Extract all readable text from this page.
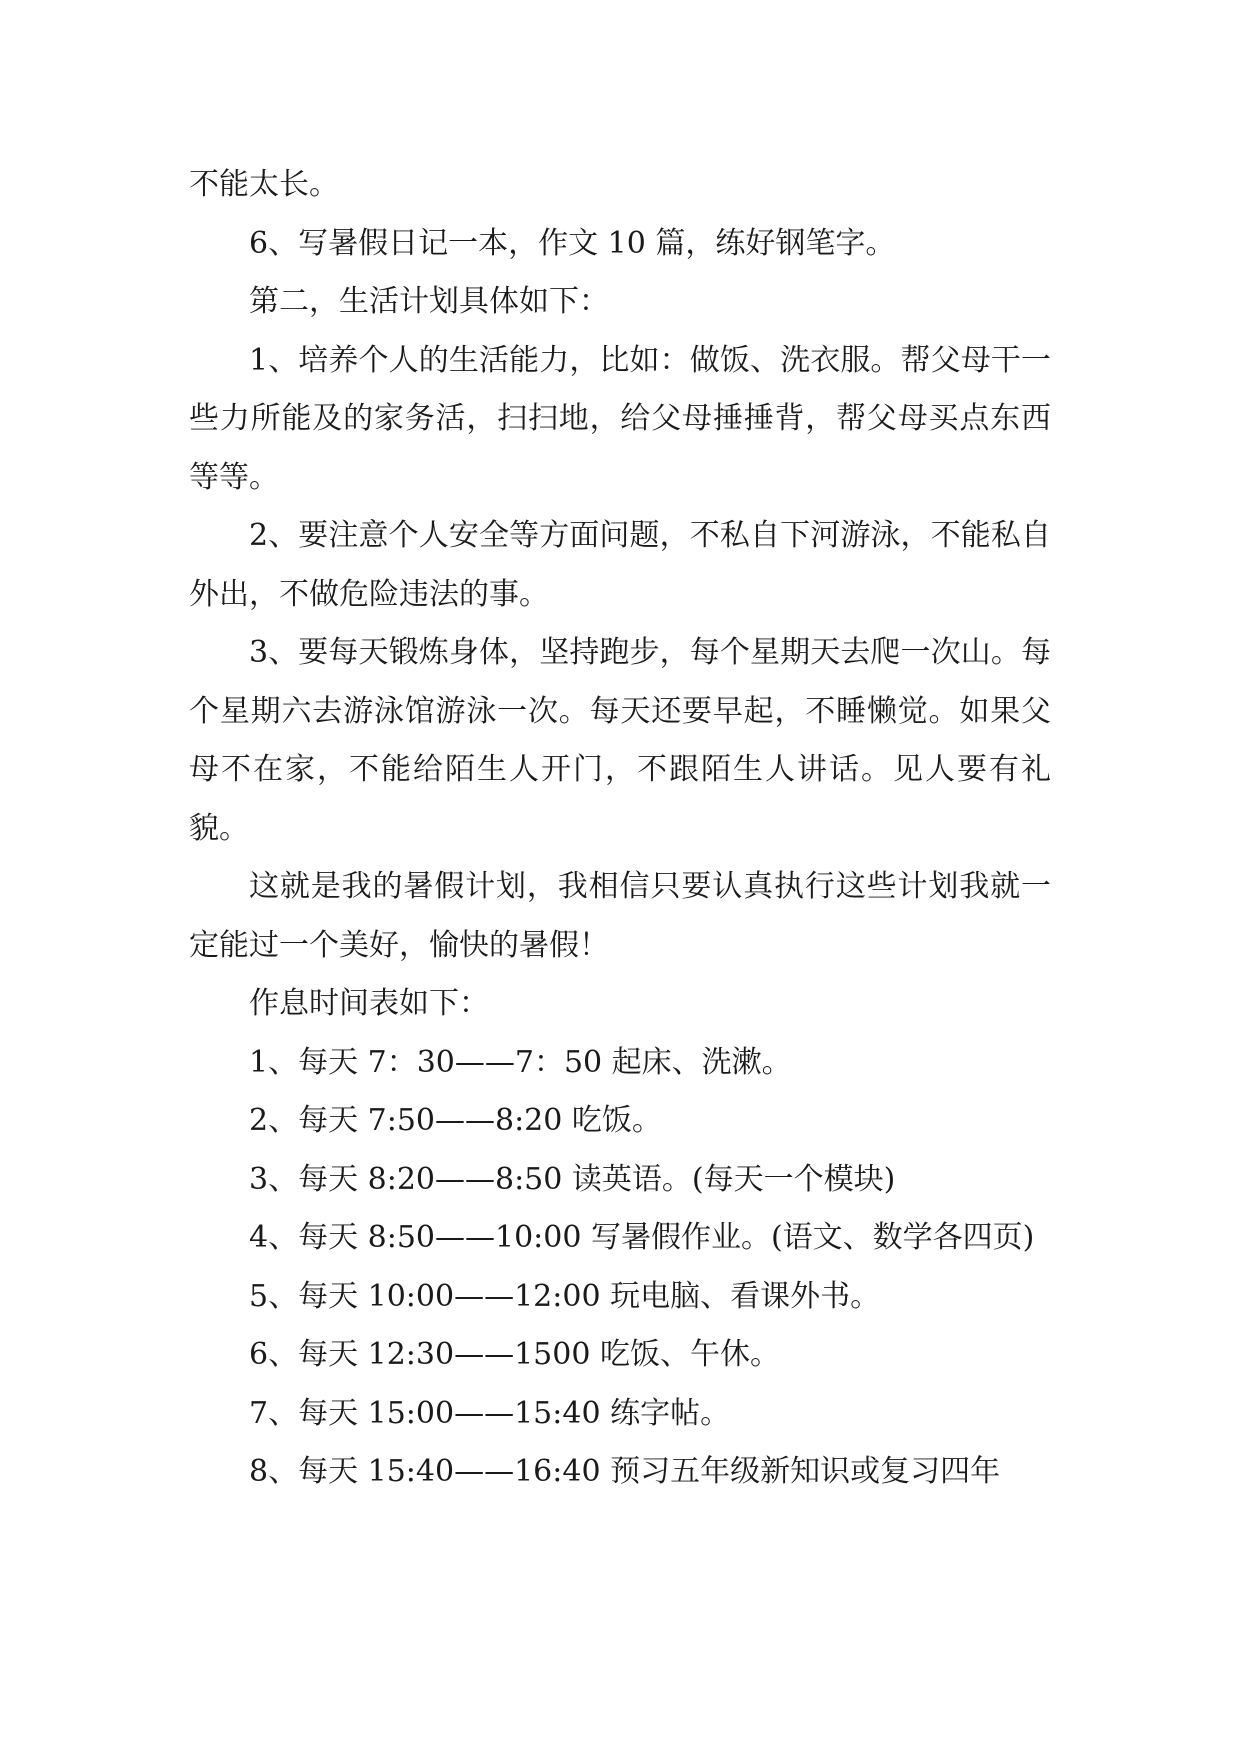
不能太长。

6、写暑假日记一本，作文 10 篇，练好钢笔字。

第二，生活计划具体如下：

1、培养个人的生活能力，比如：做饭、洗衣服。帮父母干一些力所能及的家务活，扫扫地，给父母捶捶背，帮父母买点东西等等。

2、要注意个人安全等方面问题，不私自下河游泳，不能私自外出，不做危险违法的事。

3、要每天锻炼身体，坚持跑步，每个星期天去爬一次山。每个星期六去游泳馆游泳一次。每天还要早起，不睡懒觉。如果父母不在家，不能给陌生人开门，不跟陌生人讲话。见人要有礼貌。

这就是我的暑假计划，我相信只要认真执行这些计划我就一定能过一个美好，愉快的暑假！

作息时间表如下：

1、每天 7：30——7：50 起床、洗漱。

2、每天 7:50——8:20 吃饭。

3、每天 8:20——8:50 读英语。(每天一个模块)

4、每天 8:50——10:00 写暑假作业。(语文、数学各四页)

5、每天 10:00——12:00 玩电脑、看课外书。

6、每天 12:30——1500 吃饭、午休。

7、每天 15:00——15:40 练字帖。

8、每天 15:40——16:40 预习五年级新知识或复习四年
